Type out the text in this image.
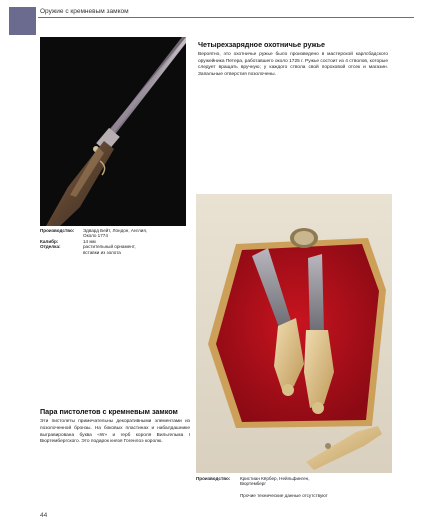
Оружие с кремневым замком
Производство: Эдвард Бейт, Лондон, Англия,
Около 1774
Калибр:	14 мм
Отделка:	растительный орнамент,
вставки из золота
Четырехзарядное охотничье ружье
Вероятно, это охотничье ружье было произведено в мастерской карлсбадского оружейника Петера, работавшего около 1725 г. Ружье состоит из 4 стволов, которые следует вращать вручную; у каждого ствола свой пороховой отсек и магазин. Запальные отверстия позолочены.
Пара пистолетов с кремневым замком
Эти пистолеты примечательны декоративными элементами из позолоченной бронзы. На боковых пластинах и набалдашнике выгравирована буква «W» и герб короля Вильгельма I Вюртембергского. Это подарок князя Гогенлоэ королю.
Производство: Кристиан Кёрбер, Нейльфинген,
Вюртемберг
Прочие технические данные отсутствуют
44
